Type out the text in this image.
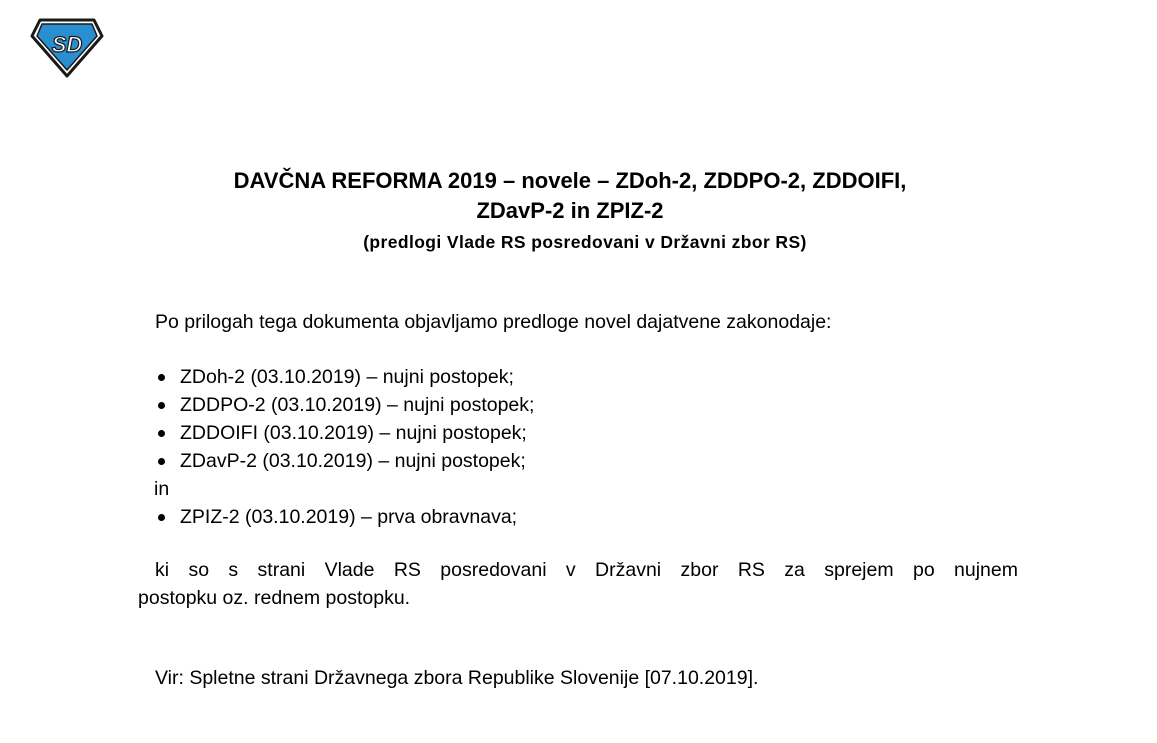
SD
DAVČNA REFORMA 2019 – novele – ZDoh-2, ZDDPO-2, ZDDOIFI,
ZDavP-2 in ZPIZ-2
(predlogi Vlade RS posredovani v Državni zbor RS)
Po prilogah tega dokumenta objavljamo predloge novel dajatvene zakonodaje:
ZDoh-2 (03.10.2019) – nujni postopek;
ZDDPO-2 (03.10.2019) – nujni postopek;
ZDDOIFI (03.10.2019) – nujni postopek;
ZDavP-2 (03.10.2019) – nujni postopek;
in
ZPIZ-2 (03.10.2019) – prva obravnava;
ki so s strani Vlade RS posredovani v Državni zbor RS za sprejem po nujnem
postopku oz. rednem postopku.
Vir: Spletne strani Državnega zbora Republike Slovenije [07.10.2019].
